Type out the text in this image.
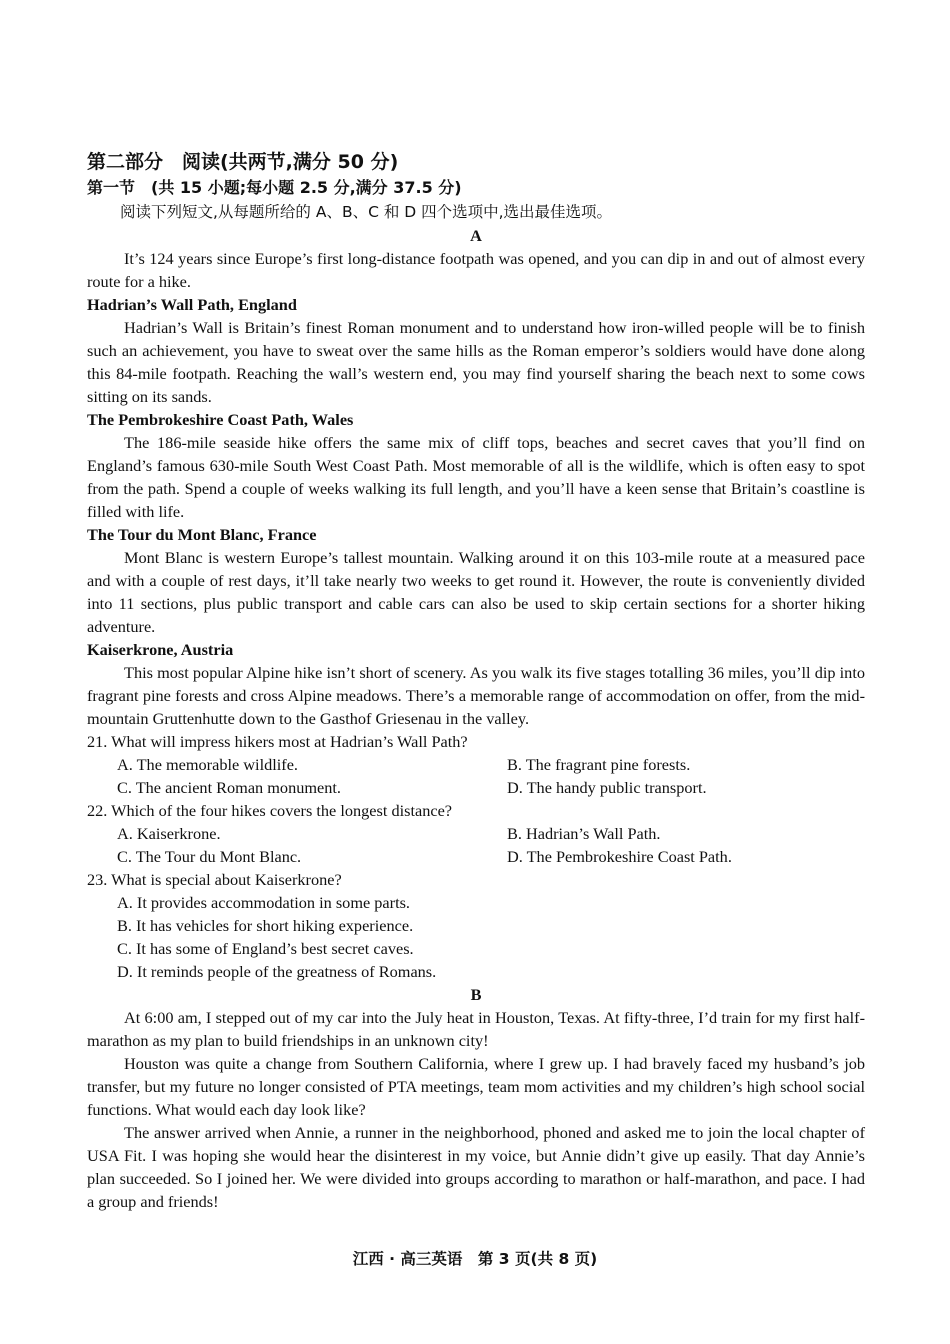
第二部分　阅读(共两节,满分 50 分)
第一节　(共 15 小题;每小题 2.5 分,满分 37.5 分)
阅读下列短文,从每题所给的 A、B、C 和 D 四个选项中,选出最佳选项。
A

It’s 124 years since Europe’s first long-distance footpath was opened, and you can dip in and out of almost every route for a hike.

Hadrian’s Wall Path, England

Hadrian’s Wall is Britain’s finest Roman monument and to understand how iron-willed people will be to finish such an achievement, you have to sweat over the same hills as the Roman emperor’s soldiers would have done along this 84-mile footpath. Reaching the wall’s western end, you may find yourself sharing the beach next to some cows sitting on its sands.

The Pembrokeshire Coast Path, Wales

The 186-mile seaside hike offers the same mix of cliff tops, beaches and secret caves that you’ll find on England’s famous 630-mile South West Coast Path. Most memorable of all is the wildlife, which is often easy to spot from the path. Spend a couple of weeks walking its full length, and you’ll have a keen sense that Britain’s coastline is filled with life.

The Tour du Mont Blanc, France

Mont Blanc is western Europe’s tallest mountain. Walking around it on this 103-mile route at a measured pace and with a couple of rest days, it’ll take nearly two weeks to get round it. However, the route is conveniently divided into 11 sections, plus public transport and cable cars can also be used to skip certain sections for a shorter hiking adventure.

Kaiserkrone, Austria

This most popular Alpine hike isn’t short of scenery. As you walk its five stages totalling 36 miles, you’ll dip into fragrant pine forests and cross Alpine meadows. There’s a memorable range of accommodation on offer, from the mid-mountain Gruttenhutte down to the Gasthof Griesenau in the valley.

21. What will impress hikers most at Hadrian’s Wall Path?

A. The memorable wildlife.	B. The fragrant pine forests.
C. The ancient Roman monument.	D. The handy public transport.

22. Which of the four hikes covers the longest distance?

A. Kaiserkrone.	B. Hadrian’s Wall Path.
C. The Tour du Mont Blanc.	D. The Pembrokeshire Coast Path.

23. What is special about Kaiserkrone?

A. It provides accommodation in some parts.
B. It has vehicles for short hiking experience.
C. It has some of England’s best secret caves.
D. It reminds people of the greatness of Romans.
B

At 6:00 am, I stepped out of my car into the July heat in Houston, Texas. At fifty-three, I’d train for my first half-marathon as my plan to build friendships in an unknown city!

Houston was quite a change from Southern California, where I grew up. I had bravely faced my husband’s job transfer, but my future no longer consisted of PTA meetings, team mom activities and my children’s high school social functions. What would each day look like?

The answer arrived when Annie, a runner in the neighborhood, phoned and asked me to join the local chapter of USA Fit. I was hoping she would hear the disinterest in my voice, but Annie didn’t give up easily. That day Annie’s plan succeeded. So I joined her. We were divided into groups according to marathon or half-marathon, and pace. I had a group and friends!

江西 · 高三英语　第 3 页(共 8 页)
